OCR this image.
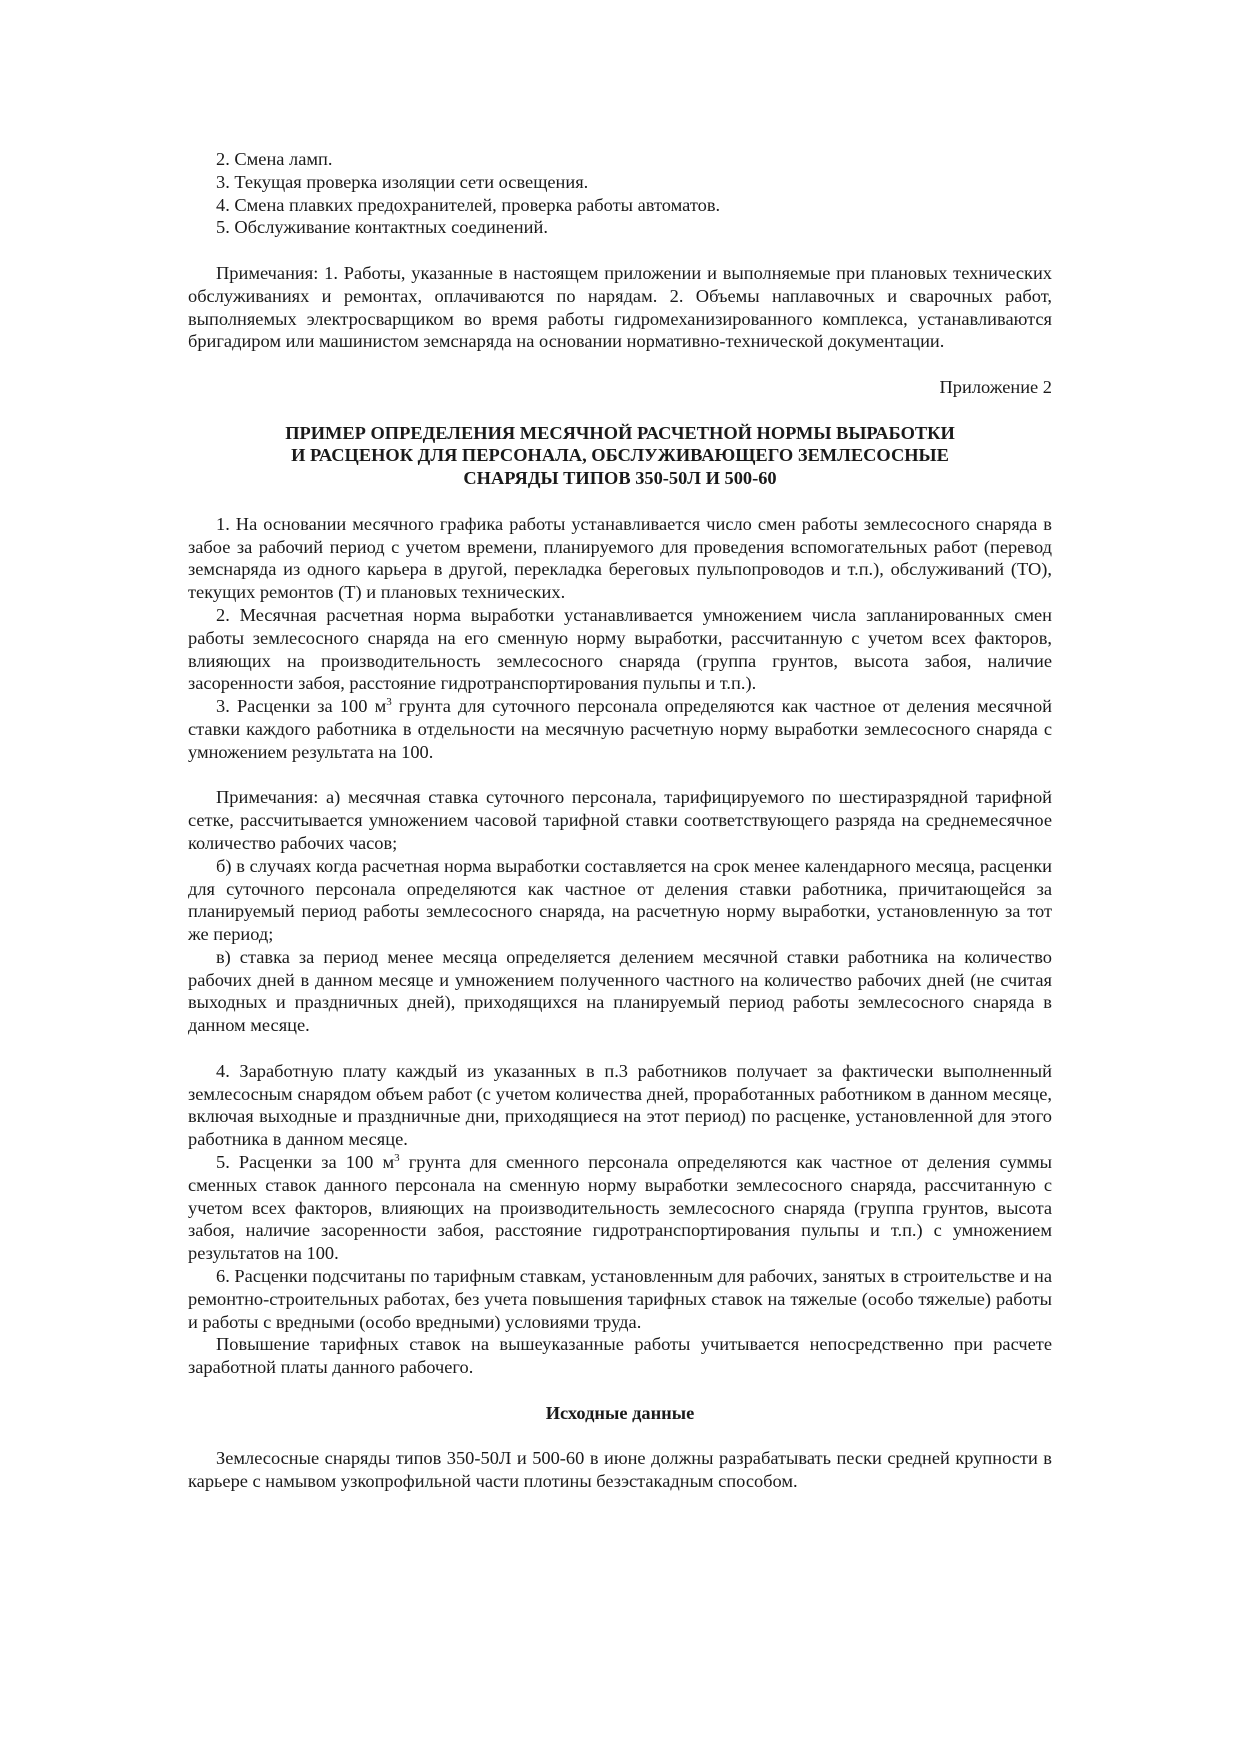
2. Смена ламп.
3. Текущая проверка изоляции сети освещения.
4. Смена плавких предохранителей, проверка работы автоматов.
5. Обслуживание контактных соединений.

Примечания: 1. Работы, указанные в настоящем приложении и выполняемые при плановых технических обслуживаниях и ремонтах, оплачиваются по нарядам. 2. Объемы наплавочных и сварочных работ, выполняемых электросварщиком во время работы гидромеханизированного комплекса, устанавливаются бригадиром или машинистом земснаряда на основании нормативно-технической документации.

Приложение 2

ПРИМЕР ОПРЕДЕЛЕНИЯ МЕСЯЧНОЙ РАСЧЕТНОЙ НОРМЫ ВЫРАБОТКИ
И РАСЦЕНОК ДЛЯ ПЕРСОНАЛА, ОБСЛУЖИВАЮЩЕГО ЗЕМЛЕСОСНЫЕ
СНАРЯДЫ ТИПОВ 350-50Л И 500-60

1. На основании месячного графика работы устанавливается число смен работы землесосного снаряда в забое за рабочий период с учетом времени, планируемого для проведения вспомогательных работ (перевод земснаряда из одного карьера в другой, перекладка береговых пульпопроводов и т.п.), обслуживаний (ТО), текущих ремонтов (Т) и плановых технических.

2. Месячная расчетная норма выработки устанавливается умножением числа запланированных смен работы землесосного снаряда на его сменную норму выработки, рассчитанную с учетом всех факторов, влияющих на производительность землесосного снаряда (группа грунтов, высота забоя, наличие засоренности забоя, расстояние гидротранспортирования пульпы и т.п.).

3. Расценки за 100 $м^3$ грунта для суточного персонала определяются как частное от деления месячной ставки каждого работника в отдельности на месячную расчетную норму выработки землесосного снаряда с умножением результата на 100.

Примечания: а) месячная ставка суточного персонала, тарифицируемого по шестиразрядной тарифной сетке, рассчитывается умножением часовой тарифной ставки соответствующего разряда на среднемесячное количество рабочих часов;

б) в случаях когда расчетная норма выработки составляется на срок менее календарного месяца, расценки для суточного персонала определяются как частное от деления ставки работника, причитающейся за планируемый период работы землесосного снаряда, на расчетную норму выработки, установленную за тот же период;

в) ставка за период менее месяца определяется делением месячной ставки работника на количество рабочих дней в данном месяце и умножением полученного частного на количество рабочих дней (не считая выходных и праздничных дней), приходящихся на планируемый период работы землесосного снаряда в данном месяце.

4. Заработную плату каждый из указанных в п.3 работников получает за фактически выполненный землесосным снарядом объем работ (с учетом количества дней, проработанных работником в данном месяце, включая выходные и праздничные дни, приходящиеся на этот период) по расценке, установленной для этого работника в данном месяце.

5. Расценки за 100 $м^3$ грунта для сменного персонала определяются как частное от деления суммы сменных ставок данного персонала на сменную норму выработки землесосного снаряда, рассчитанную с учетом всех факторов, влияющих на производительность землесосного снаряда (группа грунтов, высота забоя, наличие засоренности забоя, расстояние гидротранспортирования пульпы и т.п.) с умножением результатов на 100.

6. Расценки подсчитаны по тарифным ставкам, установленным для рабочих, занятых в строительстве и на ремонтно-строительных работах, без учета повышения тарифных ставок на тяжелые (особо тяжелые) работы и работы с вредными (особо вредными) условиями труда.

Повышение тарифных ставок на вышеуказанные работы учитывается непосредственно при расчете заработной платы данного рабочего.

Исходные данные

Землесосные снаряды типов 350-50Л и 500-60 в июне должны разрабатывать пески средней крупности в карьере с намывом узкопрофильной части плотины безэстакадным способом.
